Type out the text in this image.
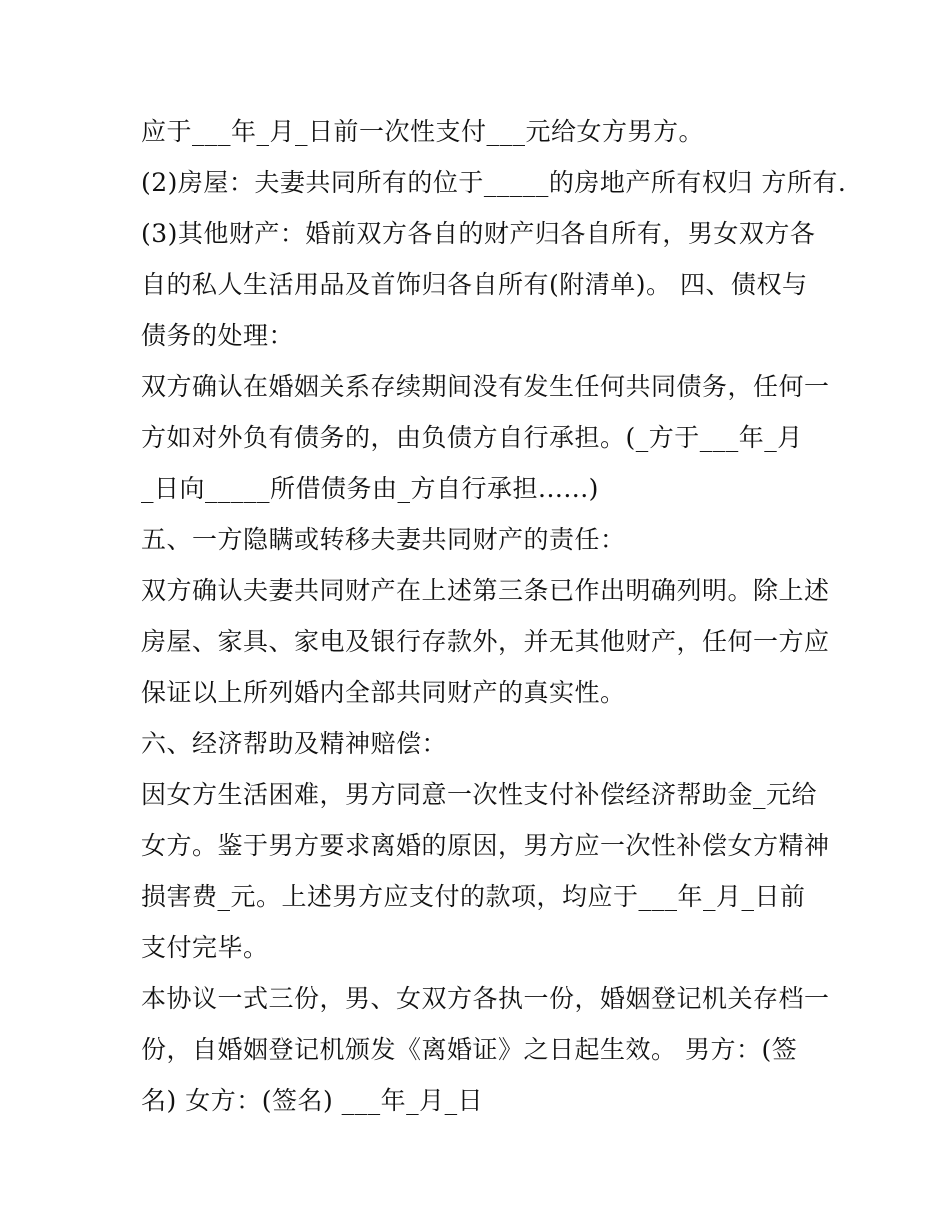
应于___年_月_日前一次性支付___元给女方男方。

(2)房屋：夫妻共同所有的位于_____的房地产所有权归 方所有.

(3)其他财产：婚前双方各自的财产归各自所有，男女双方各

自的私人生活用品及首饰归各自所有(附清单)。 四、债权与

债务的处理：

双方确认在婚姻关系存续期间没有发生任何共同债务，任何一

方如对外负有债务的，由负债方自行承担。(_方于___年_月

_日向_____所借债务由_方自行承担......)

五、一方隐瞒或转移夫妻共同财产的责任：

双方确认夫妻共同财产在上述第三条已作出明确列明。除上述

房屋、家具、家电及银行存款外，并无其他财产，任何一方应

保证以上所列婚内全部共同财产的真实性。

六、经济帮助及精神赔偿：

因女方生活困难，男方同意一次性支付补偿经济帮助金_元给

女方。鉴于男方要求离婚的原因，男方应一次性补偿女方精神

损害费_元。上述男方应支付的款项，均应于___年_月_日前

支付完毕。

本协议一式三份，男、女双方各执一份，婚姻登记机关存档一

份，自婚姻登记机颁发《离婚证》之日起生效。 男方：(签

名) 女方：(签名) ___年_月_日
